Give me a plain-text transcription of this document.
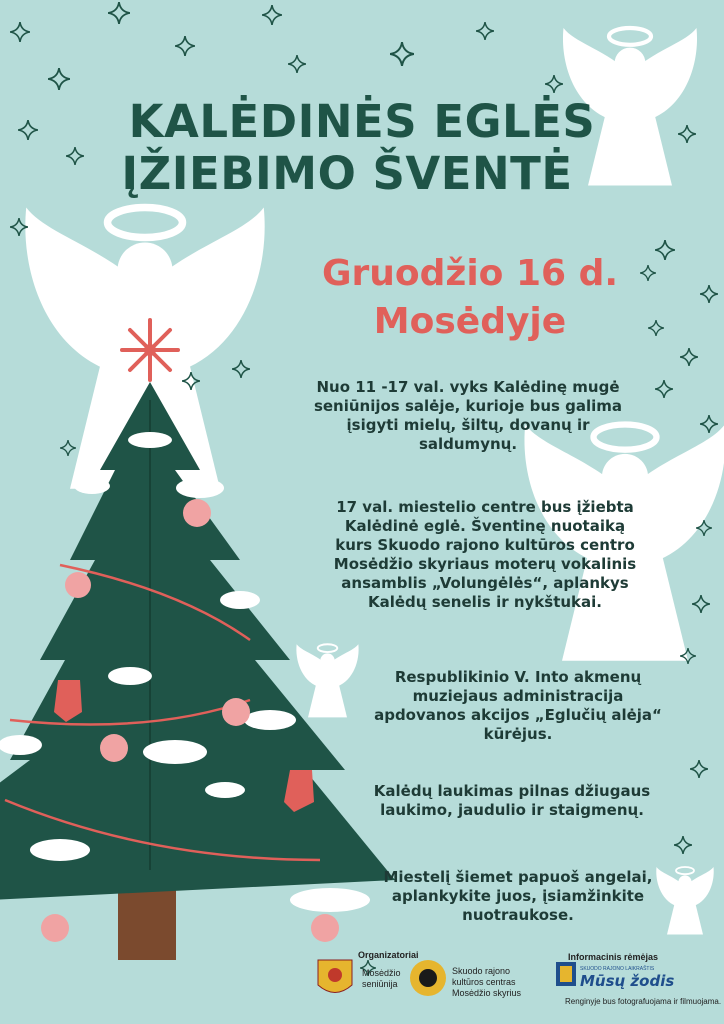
KALĖDINĖS EGLĖS
ĮŽIEBIMO ŠVENTĖ
Gruodžio 16 d.
Mosėdyje
Nuo 11 -17 val. vyks Kalėdinę mugė
seniūnijos salėje, kurioje bus galima
įsigyti mielų, šiltų, dovanų ir
saldumynų.
17 val. miestelio centre bus įžiebta
Kalėdinė eglė. Šventinę nuotaiką
kurs Skuodo rajono kultūros centro
Mosėdžio skyriaus moterų vokalinis
ansamblis „Volungėlės“, aplankys
Kalėdų senelis ir nykštukai.
Respublikinio V. Into akmenų
muziejaus administracija
apdovanos akcijos „Eglučių alėja“
kūrėjus.
Kalėdų laukimas pilnas džiugaus
laukimo, jaudulio ir staigmenų.
Miestelį šiemet papuoš angelai,
aplankykite juos, įsiamžinkite
nuotraukose.
Organizatoriai
Mosėdžio
seniūnija
Skuodo rajono
kultūros centras
Mosėdžio skyrius
Informacinis rėmėjas
SKUODO RAJONO LAIKRAŠTIS
Mūsų žodis
Renginyje bus fotografuojama ir filmuojama.
